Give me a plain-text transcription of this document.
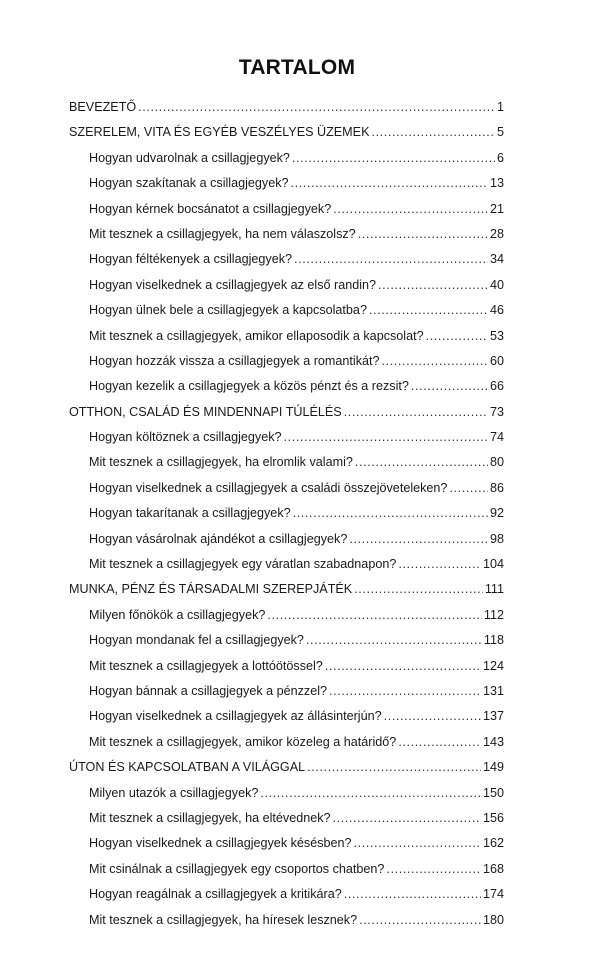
TARTALOM
BEVEZETŐ .....	1
SZERELEM, VITA ÉS EGYÉB VESZÉLYES ÜZEMEK .....	5
Hogyan udvarolnak a csillagjegyek? .....	6
Hogyan szakítanak a csillagjegyek? .....	13
Hogyan kérnek bocsánatot a csillagjegyek? .....	21
Mit tesznek a csillagjegyek, ha nem válaszolsz? .....	28
Hogyan féltékenyek a csillagjegyek? .....	34
Hogyan viselkednek a csillagjegyek az első randin? .....	40
Hogyan ülnek bele a csillagjegyek a kapcsolatba? .....	46
Mit tesznek a csillagjegyek, amikor ellaposodik a kapcsolat? .....	53
Hogyan hozzák vissza a csillagjegyek a romantikát? .....	60
Hogyan kezelik a csillagjegyek a közös pénzt és a rezsit? .....	66
OTTHON, CSALÁD ÉS MINDENNAPI TÚLÉLÉS .....	73
Hogyan költöznek a csillagjegyek? .....	74
Mit tesznek a csillagjegyek, ha elromlik valami? .....	80
Hogyan viselkednek a csillagjegyek a családi összejöveteleken? .....	86
Hogyan takarítanak a csillagjegyek? .....	92
Hogyan vásárolnak ajándékot a csillagjegyek? .....	98
Mit tesznek a csillagjegyek egy váratlan szabadnapon? .....	104
MUNKA, PÉNZ ÉS TÁRSADALMI SZEREPJÁTÉK .....	111
Milyen főnökök a csillagjegyek? .....	112
Hogyan mondanak fel a csillagjegyek? .....	118
Mit tesznek a csillagjegyek a lottóötössel? .....	124
Hogyan bánnak a csillagjegyek a pénzzel? .....	131
Hogyan viselkednek a csillagjegyek az állásinterjún? .....	137
Mit tesznek a csillagjegyek, amikor közeleg a határidő? .....	143
ÚTON ÉS KAPCSOLATBAN A VILÁGGAL .....	149
Milyen utazók a csillagjegyek? .....	150
Mit tesznek a csillagjegyek, ha eltévednek? .....	156
Hogyan viselkednek a csillagjegyek késésben? .....	162
Mit csinálnak a csillagjegyek egy csoportos chatben? .....	168
Hogyan reagálnak a csillagjegyek a kritikára? .....	174
Mit tesznek a csillagjegyek, ha híresek lesznek? .....	180
